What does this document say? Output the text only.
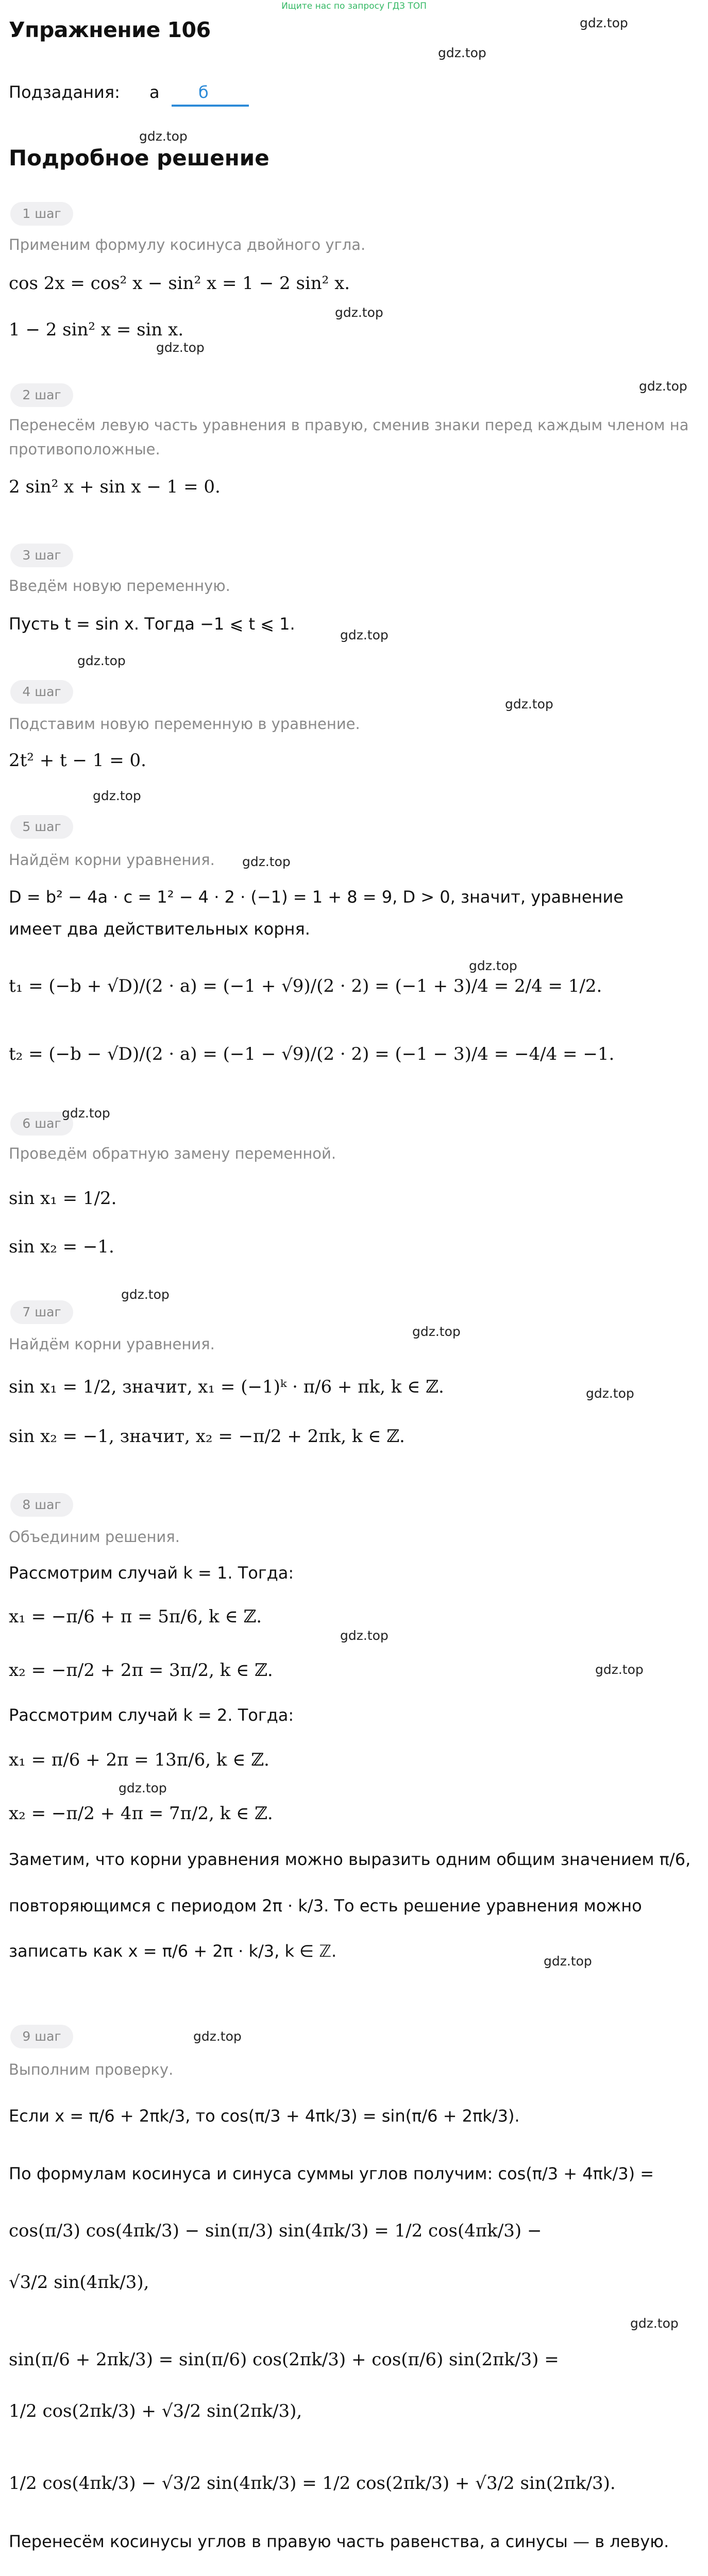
Ищите нас по запросу ГДЗ ТОП
gdz.top
Упражнение 106
gdz.top
Подзадания: а б
gdz.top
Подробное решение
1 шаг
Применим формулу косинуса двойного угла.
cos 2x = cos² x − sin² x = 1 − 2 sin² x.
gdz.top
1 − 2 sin² x = sin x.
gdz.top
gdz.top
2 шаг
Перенесём левую часть уравнения в правую, сменив знаки перед каждым членом на
противоположные.
2 sin² x + sin x − 1 = 0.
3 шаг
Введём новую переменную.
Пусть t = sin x. Тогда −1 ⩽ t ⩽ 1.
gdz.top
gdz.top
4 шаг
gdz.top
Подставим новую переменную в уравнение.
2t² + t − 1 = 0.
gdz.top
5 шаг
gdz.top
Найдём корни уравнения.
D = b² − 4a · c = 1² − 4 · 2 · (−1) = 1 + 8 = 9, D > 0, значит, уравнение
имеет два действительных корня.
gdz.top
t₁ = (−b + √D)/(2 · a) = (−1 + √9)/(2 · 2) = (−1 + 3)/4 = 2/4 = 1/2.
t₂ = (−b − √D)/(2 · a) = (−1 − √9)/(2 · 2) = (−1 − 3)/4 = −4/4 = −1.
6 шаг
gdz.top
Проведём обратную замену переменной.
sin x₁ = 1/2.
sin x₂ = −1.
gdz.top
7 шаг
gdz.top
Найдём корни уравнения.
gdz.top
sin x₁ = 1/2, значит, x₁ = (−1)ᵏ · π/6 + πk, k ∈ ℤ.
sin x₂ = −1, значит, x₂ = −π/2 + 2πk, k ∈ ℤ.
8 шаг
Объединим решения.
Рассмотрим случай k = 1. Тогда:
x₁ = −π/6 + π = 5π/6, k ∈ ℤ.
gdz.top
x₂ = −π/2 + 2π = 3π/2, k ∈ ℤ.	gdz.top
Рассмотрим случай k = 2. Тогда:
x₁ = π/6 + 2π = 13π/6, k ∈ ℤ.
gdz.top
x₂ = −π/2 + 4π = 7π/2, k ∈ ℤ.
Заметим, что корни уравнения можно выразить одним общим значением π/6,
повторяющимся с периодом 2π · k/3. То есть решение уравнения можно
записать как x = π/6 + 2π · k/3, k ∈ ℤ.
gdz.top
9 шаг	gdz.top
Выполним проверку.
Если x = π/6 + 2πk/3, то cos(π/3 + 4πk/3) = sin(π/6 + 2πk/3).
По формулам косинуса и синуса суммы углов получим: cos(π/3 + 4πk/3) =
cos(π/3) cos(4πk/3) − sin(π/3) sin(4πk/3) = 1/2 cos(4πk/3) −
√3/2 sin(4πk/3),
gdz.top
sin(π/6 + 2πk/3) = sin(π/6) cos(2πk/3) + cos(π/6) sin(2πk/3) =
1/2 cos(2πk/3) + √3/2 sin(2πk/3),
1/2 cos(4πk/3) − √3/2 sin(4πk/3) = 1/2 cos(2πk/3) + √3/2 sin(2πk/3).
Перенесём косинусы углов в правую часть равенства, а синусы — в левую.
